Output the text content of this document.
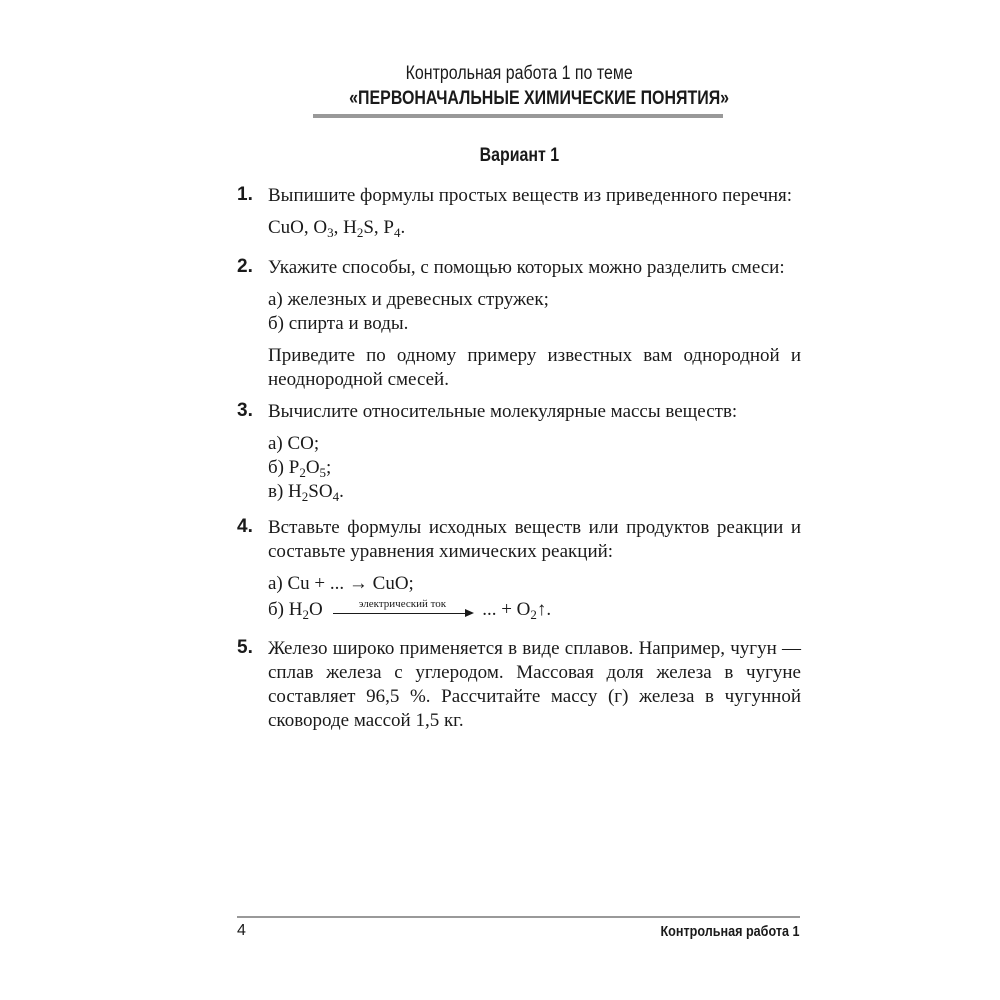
Контрольная работа 1 по теме
«ПЕРВОНАЧАЛЬНЫЕ ХИМИЧЕСКИЕ ПОНЯТИЯ»
Вариант 1
1. Выпишите формулы простых веществ из приведенного перечня:

CuO, $O_3$, $H_2S$, $P_4$.

2. Укажите способы, с помощью которых можно разделить смеси:

а) железных и древесных стружек;

б) спирта и воды.

Приведите по одному примеру известных вам однородной и неоднородной смесей.

3. Вычислите относительные молекулярные массы веществ:

а) CO;

б) $P_2O_5$;

в) $H_2SO_4$.

4. Вставьте формулы исходных веществ или продуктов реакции и составьте уравнения химических реакций:

а) Cu + ... → CuO;

б) $H_2O$	электрический ток	... + $O_2↑$.

5. Железо широко применяется в виде сплавов. Например, чугун — сплав железа с углеродом. Массовая доля железа в чугуне составляет 96,5 %. Рассчитайте массу (г) железа в чугунной сковороде массой 1,5 кг.

4	Контрольная работа 1
